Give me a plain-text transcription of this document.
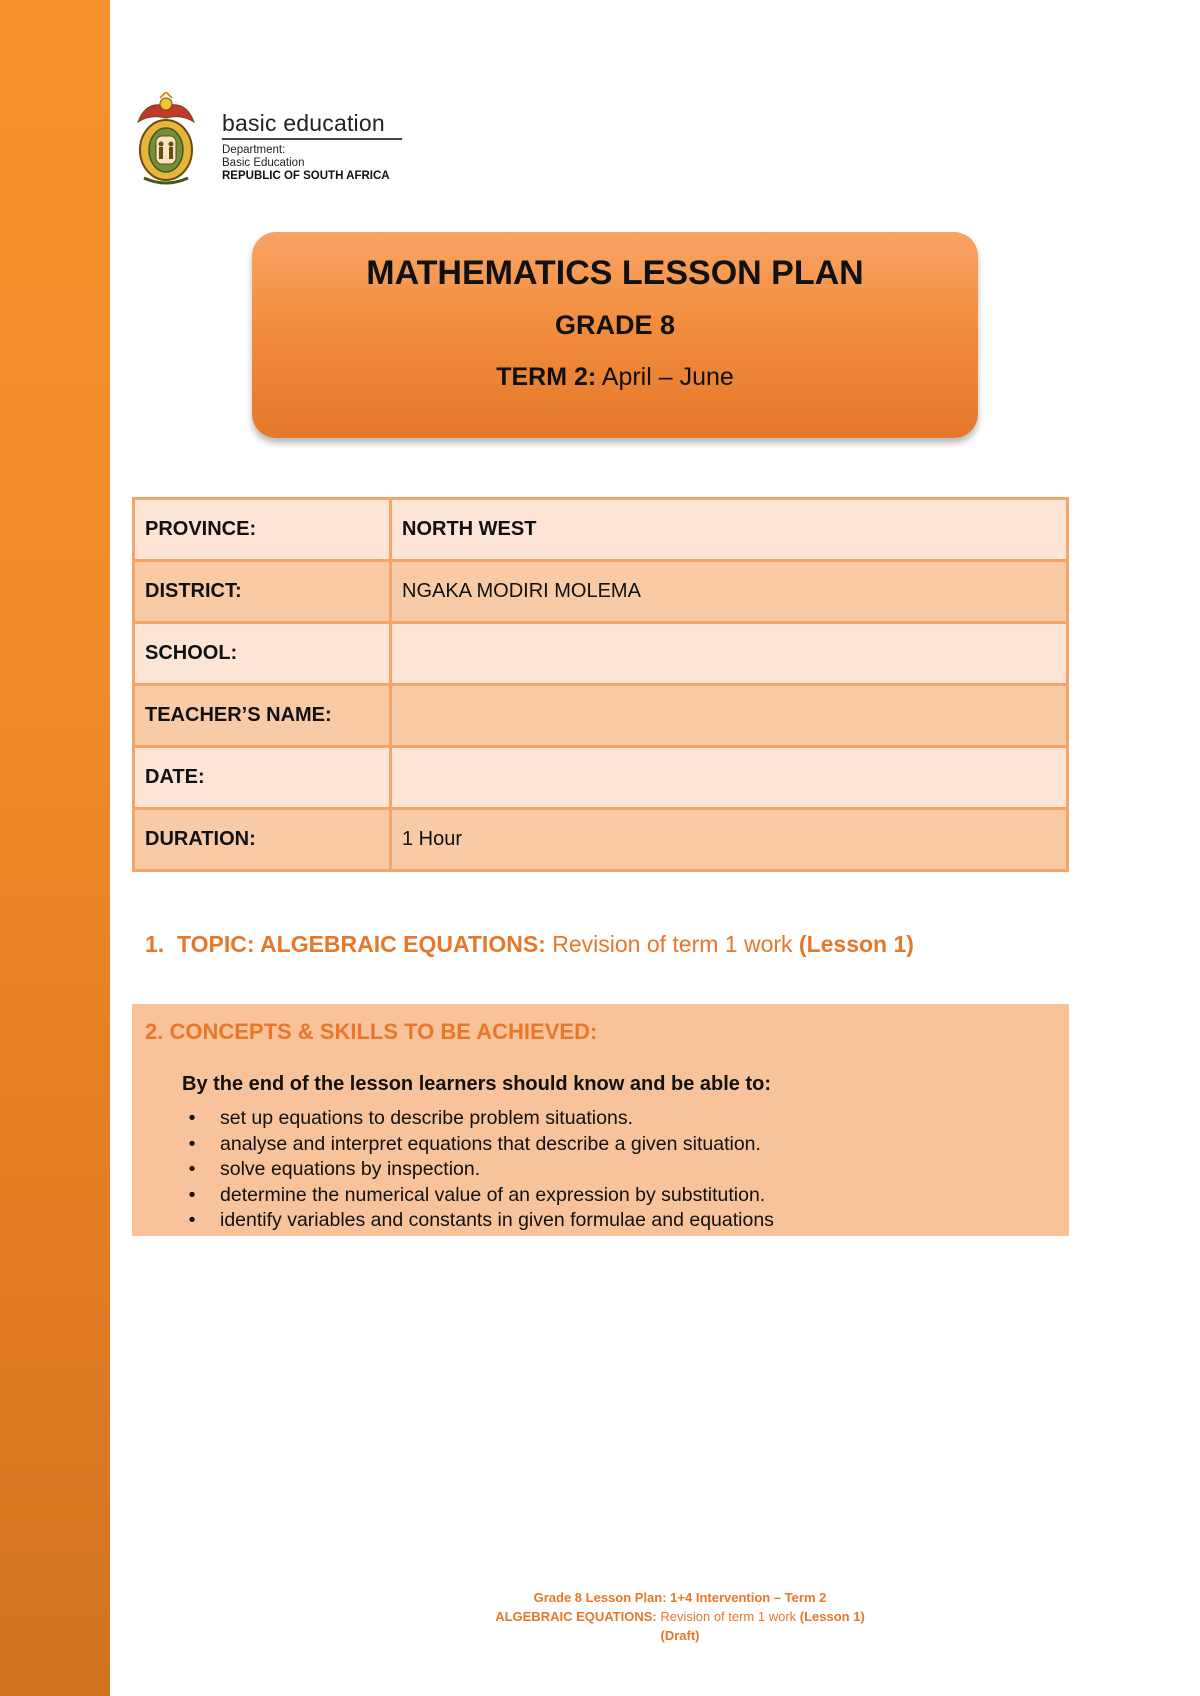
basic education
Department:
Basic Education
REPUBLIC OF SOUTH AFRICA
MATHEMATICS LESSON PLAN
GRADE 8
TERM 2: April – June
PROVINCE:	NORTH WEST
DISTRICT:	NGAKA MODIRI MOLEMA
SCHOOL:	
TEACHER’S NAME:	
DATE:	
DURATION:	1 Hour
1. TOPIC: ALGEBRAIC EQUATIONS: Revision of term 1 work (Lesson 1)
2. CONCEPTS & SKILLS TO BE ACHIEVED:
By the end of the lesson learners should know and be able to:
•	set up equations to describe problem situations.
•	analyse and interpret equations that describe a given situation.
•	solve equations by inspection.
•	determine the numerical value of an expression by substitution.
•	identify variables and constants in given formulae and equations
Grade 8 Lesson Plan: 1+4 Intervention – Term 2
ALGEBRAIC EQUATIONS: Revision of term 1 work (Lesson 1)
(Draft)
